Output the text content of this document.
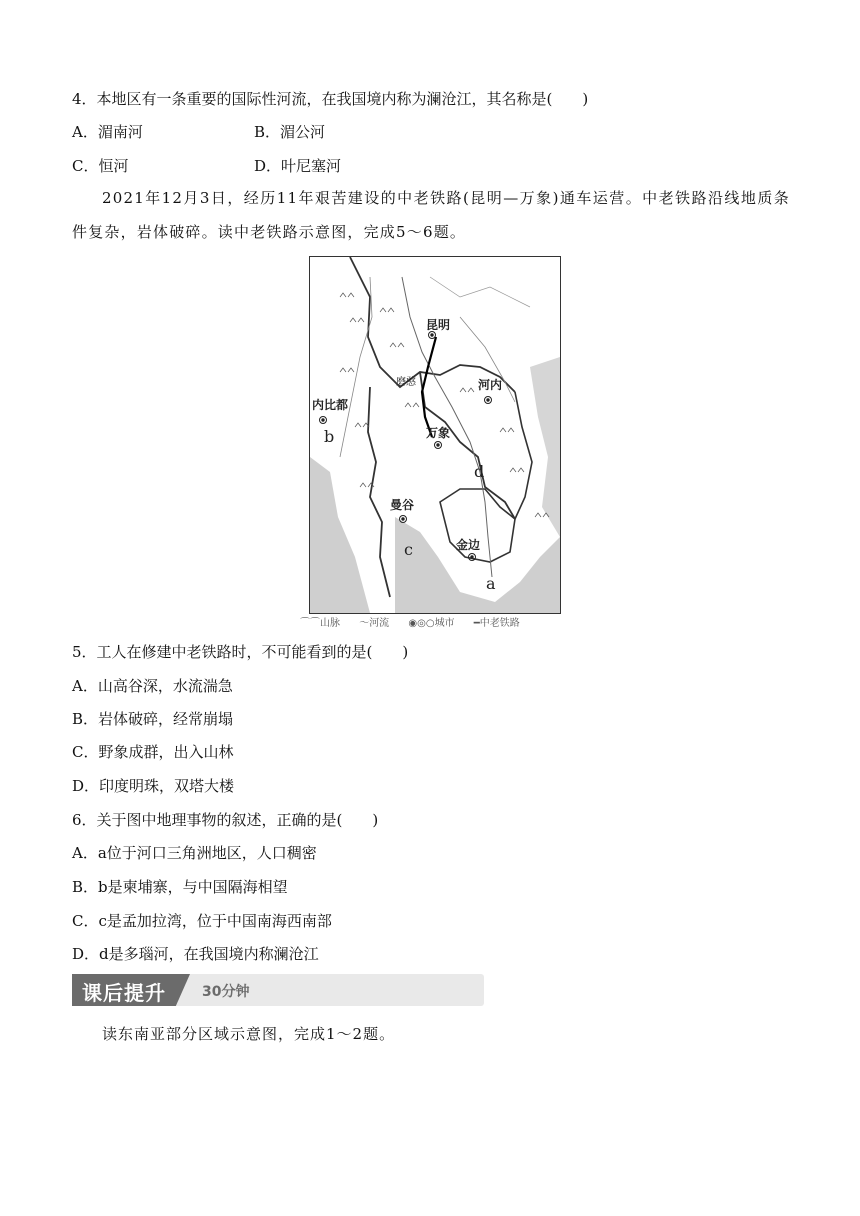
4．本地区有一条重要的国际性河流，在我国境内称为澜沧江，其名称是(　　)
A．湄南河	B．湄公河
C．恒河	D．叶尼塞河
2021年12月3日，经历11年艰苦建设的中老铁路(昆明—万象)通车运营。中老铁路沿线地质条件复杂，岩体破碎。读中老铁路示意图，完成5～6题。
昆明
磨憨
内比都
河内
万象
曼谷
金边
a
b
c
d
⌒⌒山脉 〜河流 ◉◎○城市 ━中老铁路
5．工人在修建中老铁路时，不可能看到的是(　　)
A．山高谷深，水流湍急
B．岩体破碎，经常崩塌
C．野象成群，出入山林
D．印度明珠，双塔大楼
6．关于图中地理事物的叙述，正确的是(　　)
A．a位于河口三角洲地区，人口稠密
B．b是柬埔寨，与中国隔海相望
C．c是孟加拉湾，位于中国南海西南部
D．d是多瑙河，在我国境内称澜沧江
课后提升	30分钟
读东南亚部分区域示意图，完成1～2题。
